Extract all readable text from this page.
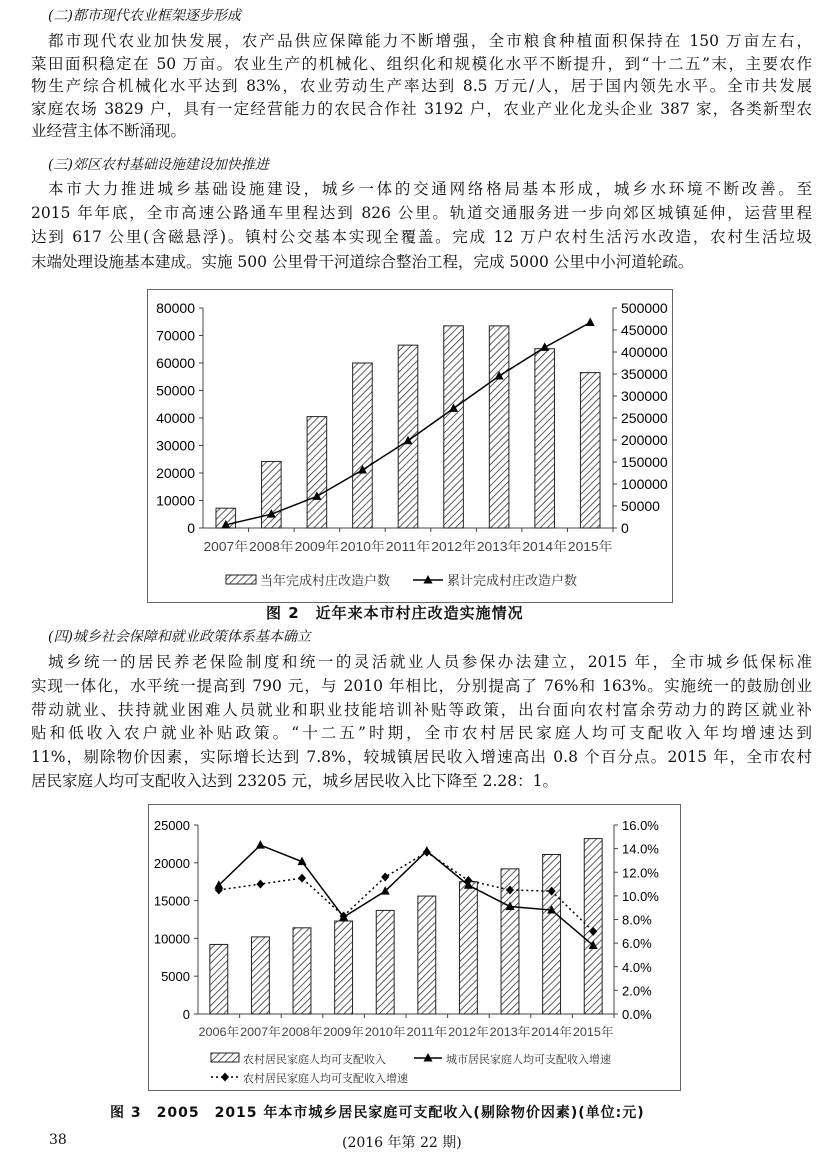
(二)都市现代农业框架逐步形成
都市现代农业加快发展，农产品供应保障能力不断增强，全市粮食种植面积保持在 150 万亩左右，
菜田面积稳定在 50 万亩。农业生产的机械化、组织化和规模化水平不断提升，到“十二五”末，主要农作
物生产综合机械化水平达到 83%，农业劳动生产率达到 8.5 万元/人，居于国内领先水平。全市共发展
家庭农场 3829 户，具有一定经营能力的农民合作社 3192 户，农业产业化龙头企业 387 家，各类新型农
业经营主体不断涌现。
(三)郊区农村基础设施建设加快推进
本市大力推进城乡基础设施建设，城乡一体的交通网络格局基本形成，城乡水环境不断改善。至
2015 年年底，全市高速公路通车里程达到 826 公里。轨道交通服务进一步向郊区城镇延伸，运营里程
达到 617 公里(含磁悬浮)。镇村公交基本实现全覆盖。完成 12 万户农村生活污水改造，农村生活垃圾
末端处理设施基本建成。实施 500 公里骨干河道综合整治工程，完成 5000 公里中小河道轮疏。
0
10000
20000
30000
40000
50000
60000
70000
80000
0
50000
100000
150000
200000
250000
300000
350000
400000
450000
500000
2007年 2008年 2009年 2010年 2011年 2012年 2013年 2014年 2015年
当年完成村庄改造户数	累计完成村庄改造户数
图 2　近年来本市村庄改造实施情况
(四)城乡社会保障和就业政策体系基本确立
城乡统一的居民养老保险制度和统一的灵活就业人员参保办法建立，2015 年，全市城乡低保标准
实现一体化，水平统一提高到 790 元，与 2010 年相比，分别提高了 76%和 163%。实施统一的鼓励创业
带动就业、扶持就业困难人员就业和职业技能培训补贴等政策，出台面向农村富余劳动力的跨区就业补
贴和低收入农户就业补贴政策。“十二五”时期，全市农村居民家庭人均可支配收入年均增速达到
11%，剔除物价因素，实际增长达到 7.8%，较城镇居民收入增速高出 0.8 个百分点。2015 年，全市农村
居民家庭人均可支配收入达到 23205 元，城乡居民收入比下降至 2.28：1。
0
5000
10000
15000
20000
25000
0.0%
2.0%
4.0%
6.0%
8.0%
10.0%
12.0%
14.0%
16.0%
2006年 2007年 2008年 2009年 2010年 2011年 2012年 2013年 2014年 2015年
农村居民家庭人均可支配收入	城市居民家庭人均可支配收入增速
农村居民家庭人均可支配收入增速
图 3　2005　2015 年本市城乡居民家庭可支配收入(剔除物价因素)(单位:元)
38	(2016 年第 22 期)
